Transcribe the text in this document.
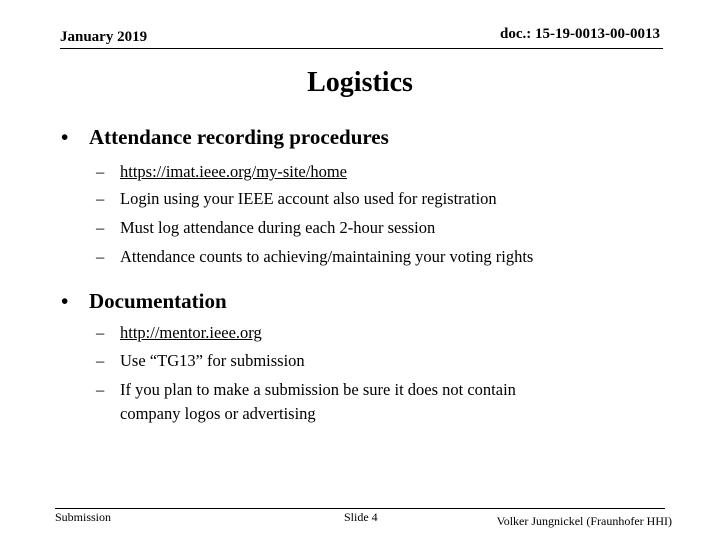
January 2019	doc.: 15-19-0013-00-0013
Logistics
• Attendance recording procedures
– https://imat.ieee.org/my-site/home
– Login using your IEEE account also used for registration
– Must log attendance during each 2-hour session
– Attendance counts to achieving/maintaining your voting rights
• Documentation
– http://mentor.ieee.org
– Use “TG13” for submission
– If you plan to make a submission be sure it does not contain
company logos or advertising
Submission	Slide 4	Volker Jungnickel (Fraunhofer HHI)
